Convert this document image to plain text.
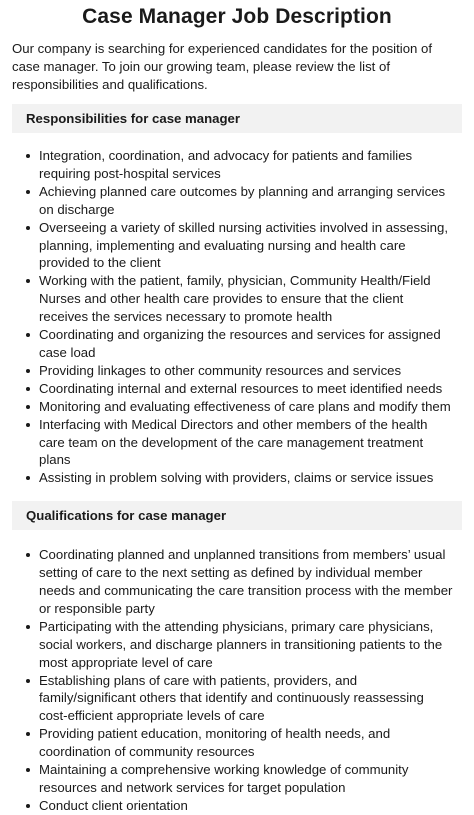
Case Manager Job Description

Our company is searching for experienced candidates for the position of case manager. To join our growing team, please review the list of responsibilities and qualifications.

Responsibilities for case manager
Integration, coordination, and advocacy for patients and families requiring post-hospital services
Achieving planned care outcomes by planning and arranging services on discharge
Overseeing a variety of skilled nursing activities involved in assessing, planning, implementing and evaluating nursing and health care provided to the client
Working with the patient, family, physician, Community Health/Field Nurses and other health care provides to ensure that the client receives the services necessary to promote health
Coordinating and organizing the resources and services for assigned case load
Providing linkages to other community resources and services
Coordinating internal and external resources to meet identified needs
Monitoring and evaluating effectiveness of care plans and modify them
Interfacing with Medical Directors and other members of the health care team on the development of the care management treatment plans
Assisting in problem solving with providers, claims or service issues
Qualifications for case manager
Coordinating planned and unplanned transitions from members’ usual setting of care to the next setting as defined by individual member needs and communicating the care transition process with the member or responsible party
Participating with the attending physicians, primary care physicians, social workers, and discharge planners in transitioning patients to the most appropriate level of care
Establishing plans of care with patients, providers, and family/significant others that identify and continuously reassessing cost-efficient appropriate levels of care
Providing patient education, monitoring of health needs, and coordination of community resources
Maintaining a comprehensive working knowledge of community resources and network services for target population
Conduct client orientation
